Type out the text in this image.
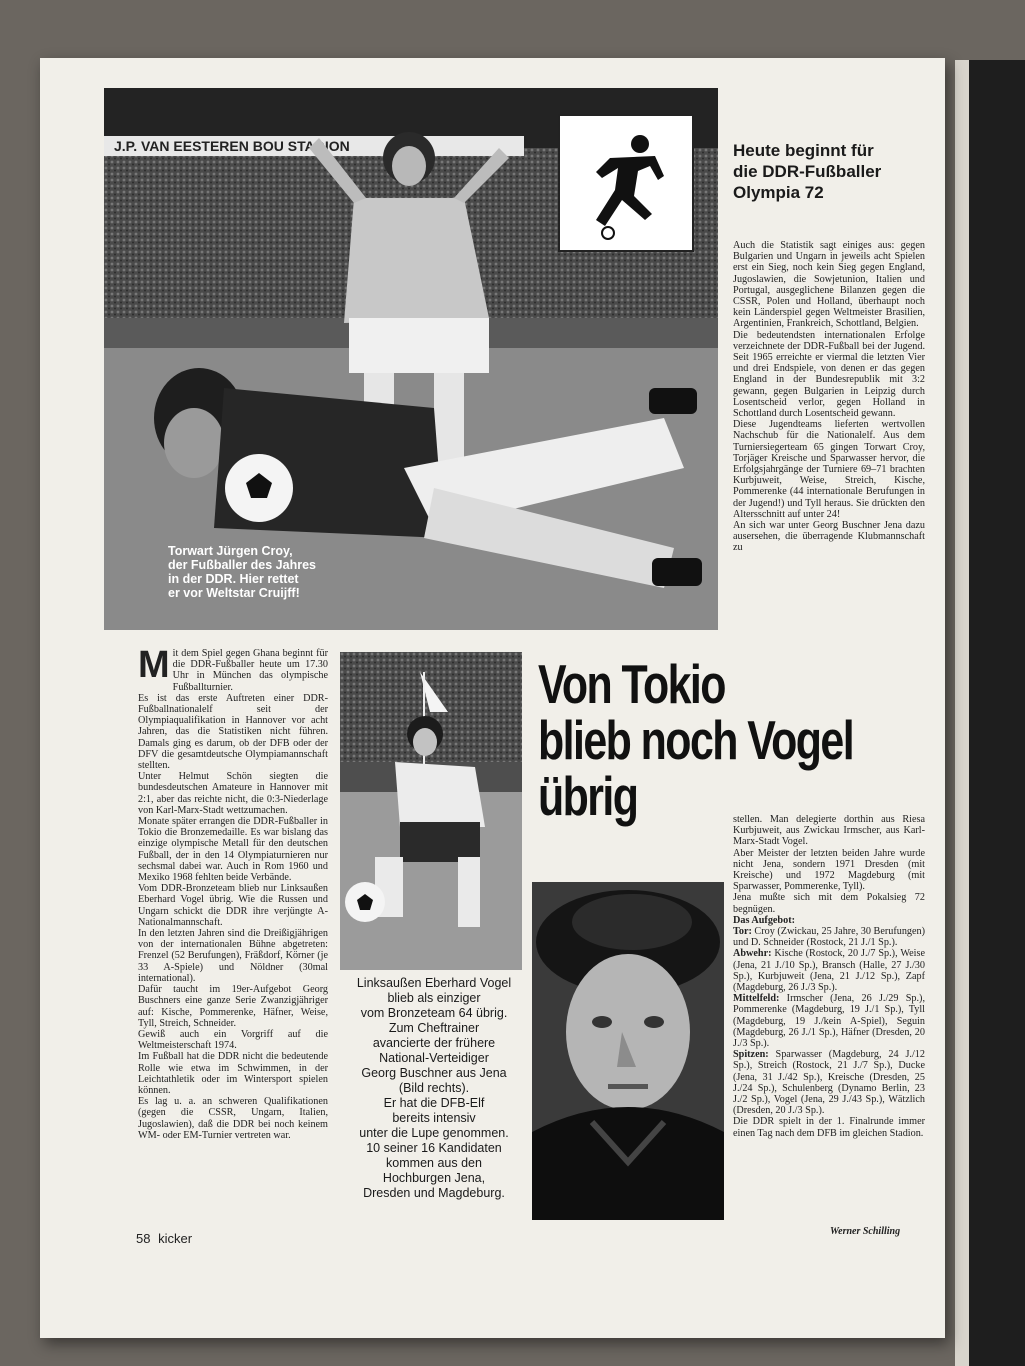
J.P. VAN EESTEREN BOU STADION
Torwart Jürgen Croy,
der Fußballer des Jahres
in der DDR. Hier rettet
er vor Weltstar Cruijff!
Heute beginnt für
die DDR-Fußballer
Olympia 72

Auch die Statistik sagt einiges aus: gegen Bulgarien und Ungarn in jeweils acht Spielen erst ein Sieg, noch kein Sieg gegen England, Jugoslawien, die Sowjetunion, Italien und Portugal, ausgeglichene Bilanzen gegen die CSSR, Polen und Holland, überhaupt noch kein Länderspiel gegen Weltmeister Brasilien, Argentinien, Frankreich, Schottland, Belgien.

Die bedeutendsten internationalen Erfolge verzeichnete der DDR-Fußball bei der Jugend. Seit 1965 erreichte er viermal die letzten Vier und drei Endspiele, von denen er das gegen England in der Bundesrepublik mit 3:2 gewann, gegen Bulgarien in Leipzig durch Losentscheid verlor, gegen Holland in Schottland durch Losentscheid gewann.

Diese Jugendteams lieferten wertvollen Nachschub für die Nationalelf. Aus dem Turniersiegerteam 65 gingen Torwart Croy, Torjäger Kreische und Sparwasser hervor, die Erfolgsjahrgänge der Turniere 69–71 brachten Kurbjuweit, Weise, Streich, Kische, Pommerenke (44 internationale Berufungen in der Jugend!) und Tyll heraus. Sie drückten den Altersschnitt auf unter 24!

An sich war unter Georg Buschner Jena dazu ausersehen, die überragende Klubmannschaft zu

Mit dem Spiel gegen Ghana beginnt für die DDR-Fußballer heute um 17.30 Uhr in München das olympische Fußballturnier.

Es ist das erste Auftreten einer DDR-Fußballnationalelf seit der Olympiaqualifikation in Hannover vor acht Jahren, das die Statistiken nicht führen. Damals ging es darum, ob der DFB oder der DFV die gesamtdeutsche Olympiamannschaft stellten.

Unter Helmut Schön siegten die bundesdeutschen Amateure in Hannover mit 2:1, aber das reichte nicht, die 0:3-Niederlage von Karl-Marx-Stadt wettzumachen.

Monate später errangen die DDR-Fußballer in Tokio die Bronzemedaille. Es war bislang das einzige olympische Metall für den deutschen Fußball, der in den 14 Olympiaturnieren nur sechsmal dabei war. Auch in Rom 1960 und Mexiko 1968 fehlten beide Verbände.

Vom DDR-Bronzeteam blieb nur Linksaußen Eberhard Vogel übrig. Wie die Russen und Ungarn schickt die DDR ihre verjüngte A-Nationalmannschaft.

In den letzten Jahren sind die Dreißigjährigen von der internationalen Bühne abgetreten: Frenzel (52 Berufungen), Fräßdorf, Körner (je 33 A-Spiele) und Nöldner (30mal international).

Dafür taucht im 19er-Aufgebot Georg Buschners eine ganze Serie Zwanzigjähriger auf: Kische, Pommerenke, Häfner, Weise, Tyll, Streich, Schneider.

Gewiß auch ein Vorgriff auf die Weltmeisterschaft 1974.

Im Fußball hat die DDR nicht die bedeutende Rolle wie etwa im Schwimmen, in der Leichtathletik oder im Wintersport spielen können.

Es lag u. a. an schweren Qualifikationen (gegen die CSSR, Ungarn, Italien, Jugoslawien), daß die DDR bei noch keinem WM- oder EM-Turnier vertreten war.

Von Tokio
blieb noch Vogel
übrig
Linksaußen Eberhard Vogel
blieb als einziger
vom Bronzeteam 64 übrig.
Zum Cheftrainer
avancierte der frühere
National-Verteidiger
Georg Buschner aus Jena
(Bild rechts).
Er hat die DFB-Elf
bereits intensiv
unter die Lupe genommen.
10 seiner 16 Kandidaten
kommen aus den
Hochburgen Jena,
Dresden und Magdeburg.

stellen. Man delegierte dorthin aus Riesa Kurbjuweit, aus Zwickau Irmscher, aus Karl-Marx-Stadt Vogel.

Aber Meister der letzten beiden Jahre wurde nicht Jena, sondern 1971 Dresden (mit Kreische) und 1972 Magdeburg (mit Sparwasser, Pommerenke, Tyll).

Jena mußte sich mit dem Pokalsieg 72 begnügen.

Das Aufgebot:

Tor: Croy (Zwickau, 25 Jahre, 30 Berufungen) und D. Schneider (Rostock, 21 J./1 Sp.).

Abwehr: Kische (Rostock, 20 J./7 Sp.), Weise (Jena, 21 J./10 Sp.), Bransch (Halle, 27 J./30 Sp.), Kurbjuweit (Jena, 21 J./12 Sp.), Zapf (Magdeburg, 26 J./3 Sp.).

Mittelfeld: Irmscher (Jena, 26 J./29 Sp.), Pommerenke (Magdeburg, 19 J./1 Sp.), Tyll (Magdeburg, 19 J./kein A-Spiel), Seguin (Magdeburg, 26 J./1 Sp.), Häfner (Dresden, 20 J./3 Sp.).

Spitzen: Sparwasser (Magdeburg, 24 J./12 Sp.), Streich (Rostock, 21 J./7 Sp.), Ducke (Jena, 31 J./42 Sp.), Kreische (Dresden, 25 J./24 Sp.), Schulenberg (Dynamo Berlin, 23 J./2 Sp.), Vogel (Jena, 29 J./43 Sp.), Wätzlich (Dresden, 20 J./3 Sp.).

Die DDR spielt in der 1. Finalrunde immer einen Tag nach dem DFB im gleichen Stadion.

Werner Schilling
58 kicker
